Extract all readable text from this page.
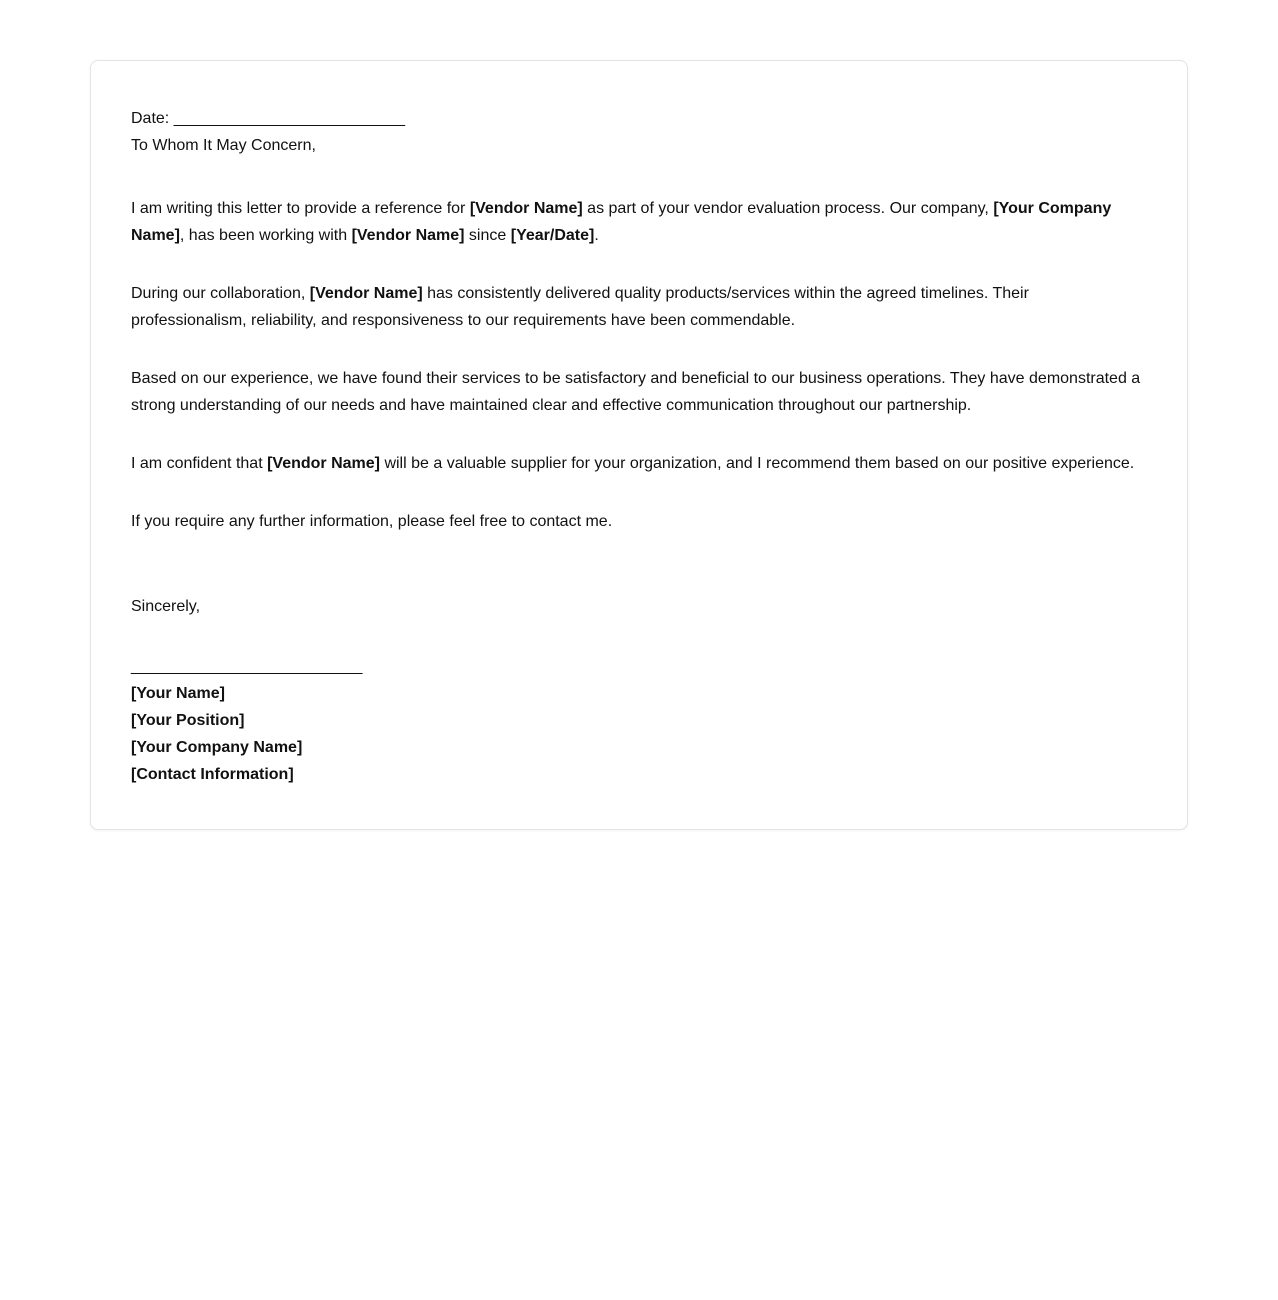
Date: __________________________
To Whom It May Concern,

I am writing this letter to provide a reference for [Vendor Name] as part of your vendor evaluation process. Our company, [Your Company Name], has been working with [Vendor Name] since [Year/Date].

During our collaboration, [Vendor Name] has consistently delivered quality products/services within the agreed timelines. Their professionalism, reliability, and responsiveness to our requirements have been commendable.

Based on our experience, we have found their services to be satisfactory and beneficial to our business operations. They have demonstrated a strong understanding of our needs and have maintained clear and effective communication throughout our partnership.

I am confident that [Vendor Name] will be a valuable supplier for your organization, and I recommend them based on our positive experience.

If you require any further information, please feel free to contact me.

Sincerely,
__________________________
[Your Name]
[Your Position]
[Your Company Name]
[Contact Information]
